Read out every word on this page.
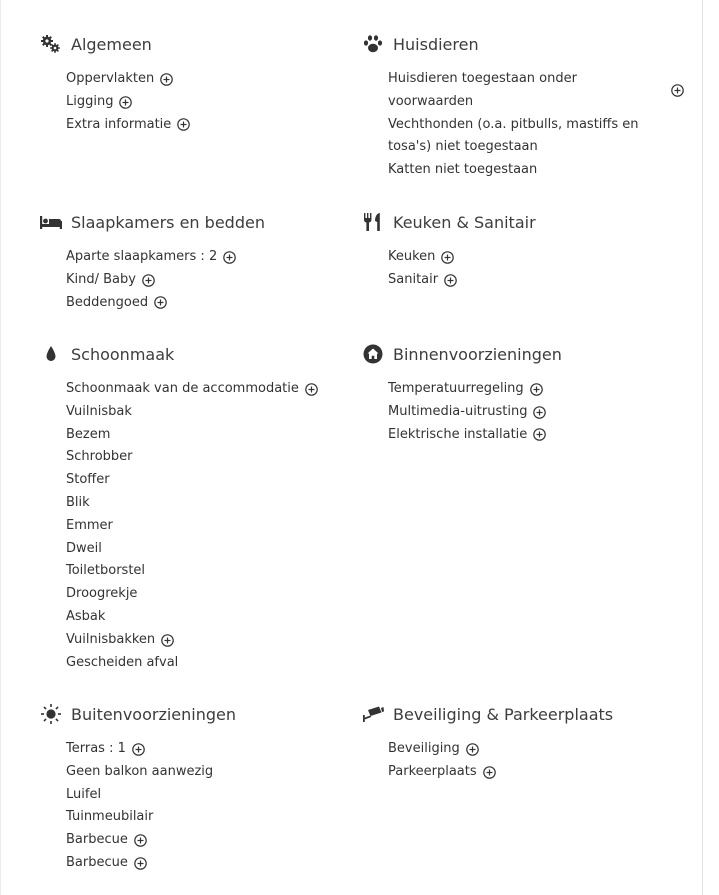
Algemeen
Oppervlakten
Ligging
Extra informatie
Huisdieren
Huisdieren toegestaan onder voorwaarden
Vechthonden (o.a. pitbulls, mastiffs en tosa's) niet toegestaan
Katten niet toegestaan
Slaapkamers en bedden
Aparte slaapkamers : 2
Kind/ Baby
Beddengoed
Keuken & Sanitair
Keuken
Sanitair
Schoonmaak
Schoonmaak van de accommodatie
Vuilnisbak
Bezem
Schrobber
Stoffer
Blik
Emmer
Dweil
Toiletborstel
Droogrekje
Asbak
Vuilnisbakken
Gescheiden afval
Binnenvoorzieningen
Temperatuurregeling
Multimedia-uitrusting
Elektrische installatie
Buitenvoorzieningen
Terras : 1
Geen balkon aanwezig
Luifel
Tuinmeubilair
Barbecue
Barbecue
Beveiliging & Parkeerplaats
Beveiliging
Parkeerplaats
